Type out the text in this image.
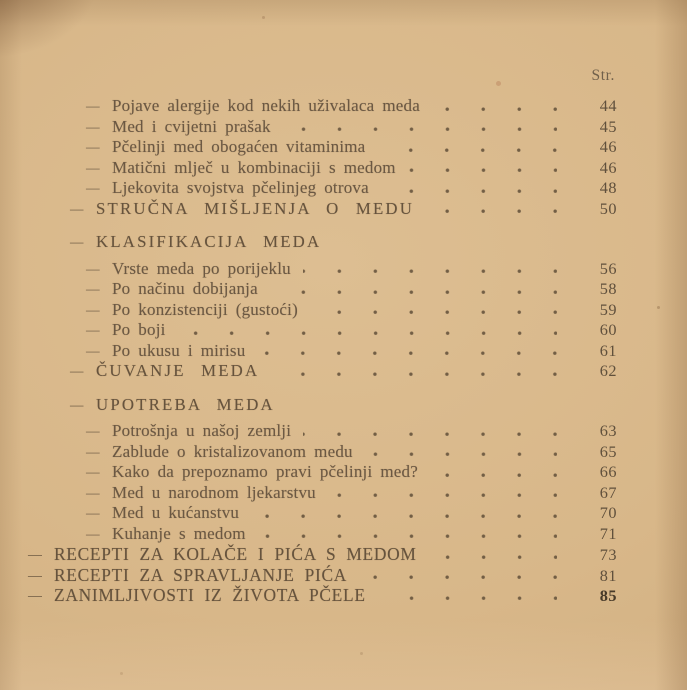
Str.
— Pojave alergije kod nekih uživalaca meda	44
— Med i cvijetni prašak	45
— Pčelinji med obogaćen vitaminima	46
— Matični mlječ u kombinaciji s medom	46
— Ljekovita svojstva pčelinjeg otrova	48
— STRUČNA MIŠLJENJA O MEDU	50
— KLASIFIKACIJA MEDA
— Vrste meda po porijeklu	56
— Po načinu dobijanja	58
— Po konzistenciji (gustoći)	59
— Po boji	60
— Po ukusu i mirisu	61
— ČUVANJE MEDA	62
— UPOTREBA MEDA
— Potrošnja u našoj zemlji	63
— Zablude o kristalizovanom medu	65
— Kako da prepoznamo pravi pčelinji med?	66
— Med u narodnom ljekarstvu	67
— Med u kućanstvu	70
— Kuhanje s medom	71
— RECEPTI ZA KOLAČE I PIĆA S MEDOM	73
— RECEPTI ZA SPRAVLJANJE PIĆA	81
— ZANIMLJIVOSTI IZ ŽIVOTA PČELE	85
